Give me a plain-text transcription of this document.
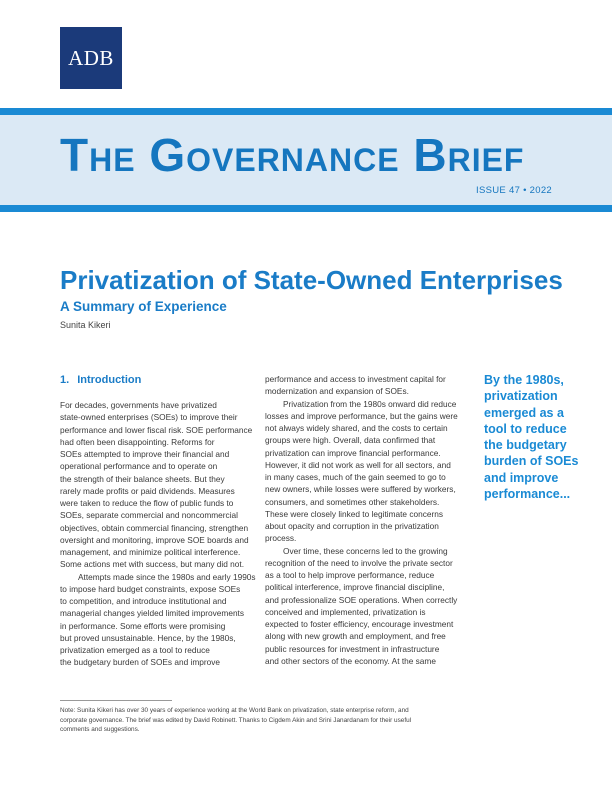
ADB
The Governance Brief
ISSUE 47 • 2022
Privatization of State-Owned Enterprises
A Summary of Experience
Sunita Kikeri
1. Introduction

For decades, governments have privatized
state-owned enterprises (SOEs) to improve their
performance and lower fiscal risk. SOE performance
had often been disappointing. Reforms for
SOEs attempted to improve their financial and
operational performance and to operate on
the strength of their balance sheets. But they
rarely made profits or paid dividends. Measures
were taken to reduce the flow of public funds to
SOEs, separate commercial and noncommercial
objectives, obtain commercial financing, strengthen
oversight and monitoring, improve SOE boards and
management, and minimize political interference.
Some actions met with success, but many did not.

Attempts made since the 1980s and early 1990s
to impose hard budget constraints, expose SOEs
to competition, and introduce institutional and
managerial changes yielded limited improvements
in performance. Some efforts were promising
but proved unsustainable. Hence, by the 1980s,
privatization emerged as a tool to reduce
the budgetary burden of SOEs and improve

performance and access to investment capital for
modernization and expansion of SOEs.

Privatization from the 1980s onward did reduce
losses and improve performance, but the gains were
not always widely shared, and the costs to certain
groups were high. Overall, data confirmed that
privatization can improve financial performance.
However, it did not work as well for all sectors, and
in many cases, much of the gain seemed to go to
new owners, while losses were suffered by workers,
consumers, and sometimes other stakeholders.
These were closely linked to legitimate concerns
about opacity and corruption in the privatization
process.

Over time, these concerns led to the growing
recognition of the need to involve the private sector
as a tool to help improve performance, reduce
political interference, improve financial discipline,
and professionalize SOE operations. When correctly
conceived and implemented, privatization is
expected to foster efficiency, encourage investment
along with new growth and employment, and free
public resources for investment in infrastructure
and other sectors of the economy. At the same

By the 1980s,
privatization
emerged as a
tool to reduce
the budgetary
burden of SOEs
and improve
performance...
Note: Sunita Kikeri has over 30 years of experience working at the World Bank on privatization, state enterprise reform, and
corporate governance. The brief was edited by David Robinett. Thanks to Cigdem Akin and Srini Janardanam for their useful
comments and suggestions.
